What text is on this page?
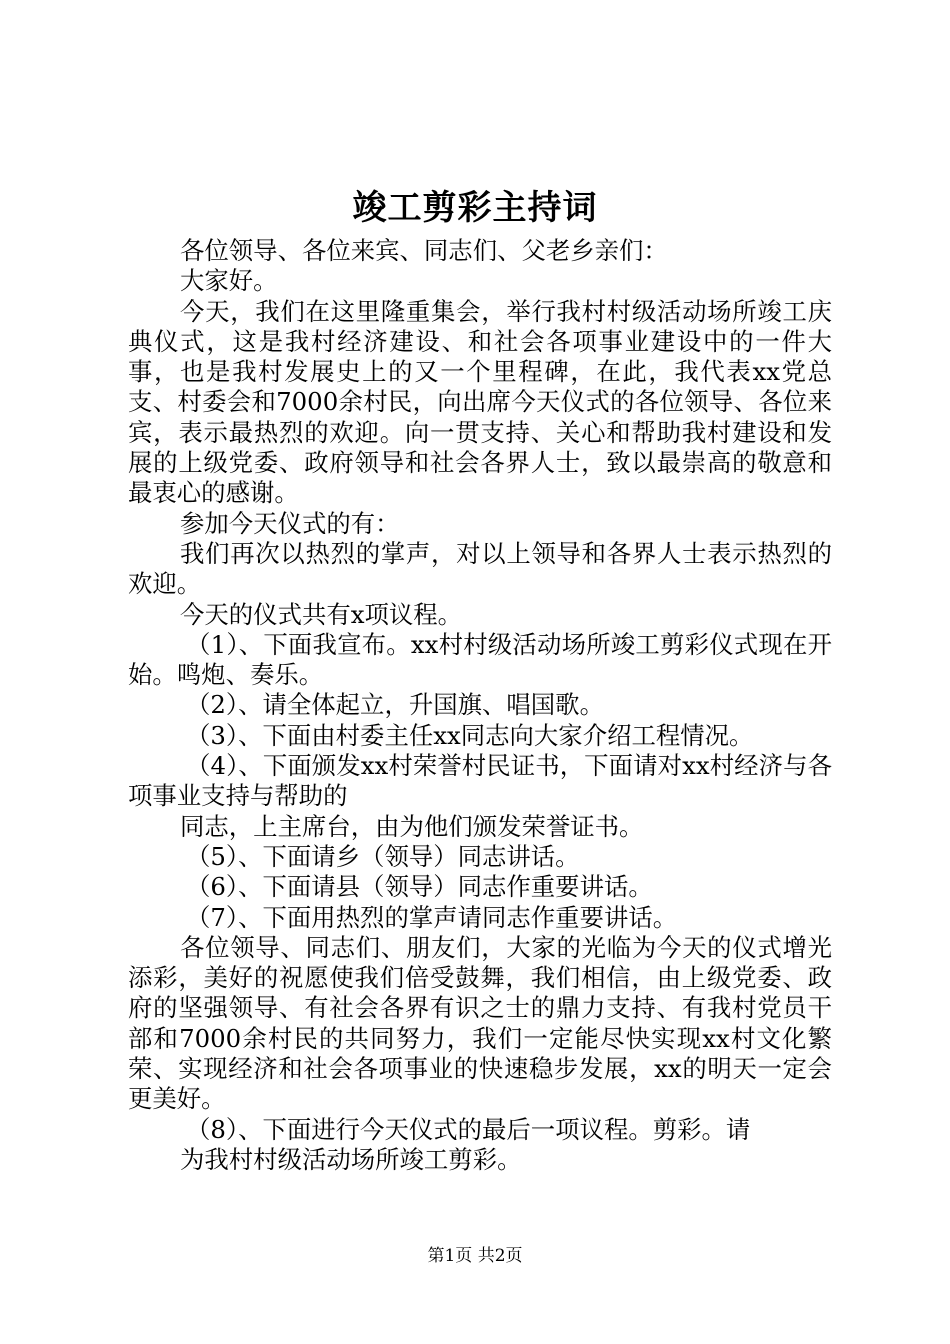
竣工剪彩主持词

各位领导、各位来宾、同志们、父老乡亲们：

大家好。

今天，我们在这里隆重集会，举行我村村级活动场所竣工庆典仪式，这是我村经济建设、和社会各项事业建设中的一件大事，也是我村发展史上的又一个里程碑，在此，我代表xx党总支、村委会和7000余村民，向出席今天仪式的各位领导、各位来宾，表示最热烈的欢迎。向一贯支持、关心和帮助我村建设和发展的上级党委、政府领导和社会各界人士，致以最崇高的敬意和最衷心的感谢。

参加今天仪式的有：

我们再次以热烈的掌声，对以上领导和各界人士表示热烈的欢迎。

今天的仪式共有x项议程。

（1）、下面我宣布。xx村村级活动场所竣工剪彩仪式现在开始。鸣炮、奏乐。

（2）、请全体起立，升国旗、唱国歌。

（3）、下面由村委主任xx同志向大家介绍工程情况。

（4）、下面颁发xx村荣誉村民证书，下面请对xx村经济与各项事业支持与帮助的

同志，上主席台，由为他们颁发荣誉证书。

（5）、下面请乡（领导）同志讲话。

（6）、下面请县（领导）同志作重要讲话。

（7）、下面用热烈的掌声请同志作重要讲话。

各位领导、同志们、朋友们，大家的光临为今天的仪式增光添彩，美好的祝愿使我们倍受鼓舞，我们相信，由上级党委、政府的坚强领导、有社会各界有识之士的鼎力支持、有我村党员干部和7000余村民的共同努力，我们一定能尽快实现xx村文化繁荣、实现经济和社会各项事业的快速稳步发展，xx的明天一定会更美好。

（8）、下面进行今天仪式的最后一项议程。剪彩。请

为我村村级活动场所竣工剪彩。

第1页 共2页
